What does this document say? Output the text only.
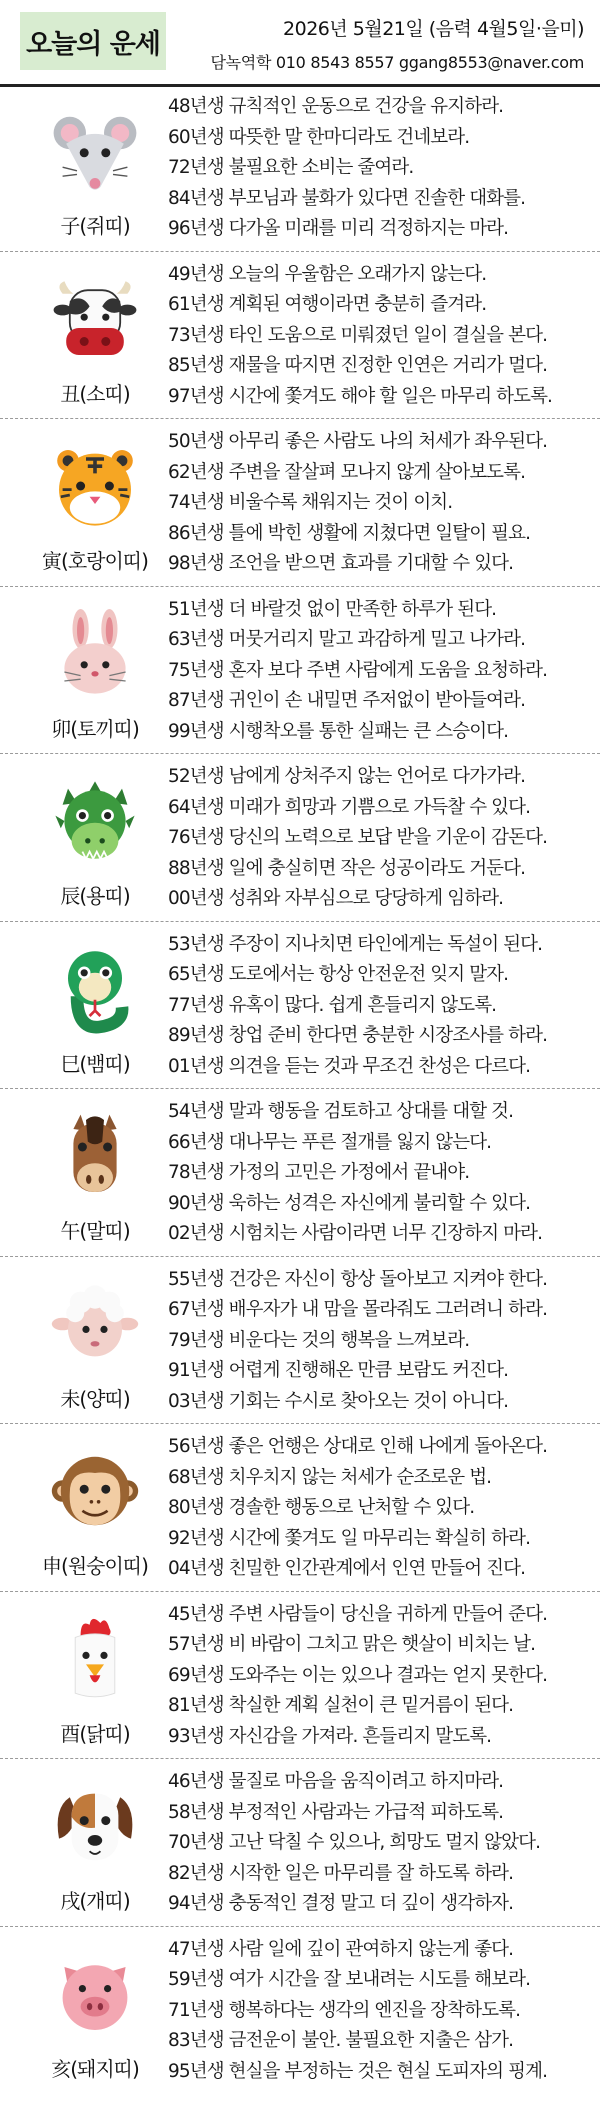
오늘의 운세	2026년 5월21일 (음력 4월5일·을미)
담녹역학 010 8543 8557 ggang8553@naver.com
子(쥐띠)
48년생 규칙적인 운동으로 건강을 유지하라.
60년생 따뜻한 말 한마디라도 건네보라.
72년생 불필요한 소비는 줄여라.
84년생 부모님과 불화가 있다면 진솔한 대화를.
96년생 다가올 미래를 미리 걱정하지는 마라.
丑(소띠)
49년생 오늘의 우울함은 오래가지 않는다.
61년생 계획된 여행이라면 충분히 즐겨라.
73년생 타인 도움으로 미뤄졌던 일이 결실을 본다.
85년생 재물을 따지면 진정한 인연은 거리가 멀다.
97년생 시간에 쫓겨도 해야 할 일은 마무리 하도록.
寅(호랑이띠)
50년생 아무리 좋은 사람도 나의 처세가 좌우된다.
62년생 주변을 잘살펴 모나지 않게 살아보도록.
74년생 비울수록 채워지는 것이 이치.
86년생 틀에 박힌 생활에 지쳤다면 일탈이 필요.
98년생 조언을 받으면 효과를 기대할 수 있다.
卯(토끼띠)
51년생 더 바랄것 없이 만족한 하루가 된다.
63년생 머뭇거리지 말고 과감하게 밀고 나가라.
75년생 혼자 보다 주변 사람에게 도움을 요청하라.
87년생 귀인이 손 내밀면 주저없이 받아들여라.
99년생 시행착오를 통한 실패는 큰 스승이다.
辰(용띠)
52년생 남에게 상처주지 않는 언어로 다가가라.
64년생 미래가 희망과 기쁨으로 가득찰 수 있다.
76년생 당신의 노력으로 보답 받을 기운이 감돈다.
88년생 일에 충실히면 작은 성공이라도 거둔다.
00년생 성취와 자부심으로 당당하게 임하라.
巳(뱀띠)
53년생 주장이 지나치면 타인에게는 독설이 된다.
65년생 도로에서는 항상 안전운전 잊지 말자.
77년생 유혹이 많다. 쉽게 흔들리지 않도록.
89년생 창업 준비 한다면 충분한 시장조사를 하라.
01년생 의견을 듣는 것과 무조건 찬성은 다르다.
午(말띠)
54년생 말과 행동을 검토하고 상대를 대할 것.
66년생 대나무는 푸른 절개를 잃지 않는다.
78년생 가정의 고민은 가정에서 끝내야.
90년생 욱하는 성격은 자신에게 불리할 수 있다.
02년생 시험치는 사람이라면 너무 긴장하지 마라.
未(양띠)
55년생 건강은 자신이 항상 돌아보고 지켜야 한다.
67년생 배우자가 내 맘을 몰라줘도 그러려니 하라.
79년생 비운다는 것의 행복을 느껴보라.
91년생 어렵게 진행해온 만큼 보람도 커진다.
03년생 기회는 수시로 찾아오는 것이 아니다.
申(원숭이띠)
56년생 좋은 언행은 상대로 인해 나에게 돌아온다.
68년생 치우치지 않는 처세가 순조로운 법.
80년생 경솔한 행동으로 난처할 수 있다.
92년생 시간에 쫓겨도 일 마무리는 확실히 하라.
04년생 친밀한 인간관계에서 인연 만들어 진다.
酉(닭띠)
45년생 주변 사람들이 당신을 귀하게 만들어 준다.
57년생 비 바람이 그치고 맑은 햇살이 비치는 날.
69년생 도와주는 이는 있으나 결과는 얻지 못한다.
81년생 착실한 계획 실천이 큰 밑거름이 된다.
93년생 자신감을 가져라. 흔들리지 말도록.
戌(개띠)
46년생 물질로 마음을 움직이려고 하지마라.
58년생 부정적인 사람과는 가급적 피하도록.
70년생 고난 닥칠 수 있으나, 희망도 멀지 않았다.
82년생 시작한 일은 마무리를 잘 하도록 하라.
94년생 충동적인 결정 말고 더 깊이 생각하자.
亥(돼지띠)
47년생 사람 일에 깊이 관여하지 않는게 좋다.
59년생 여가 시간을 잘 보내려는 시도를 해보라.
71년생 행복하다는 생각의 엔진을 장착하도록.
83년생 금전운이 불안. 불필요한 지출은 삼가.
95년생 현실을 부정하는 것은 현실 도피자의 핑계.
